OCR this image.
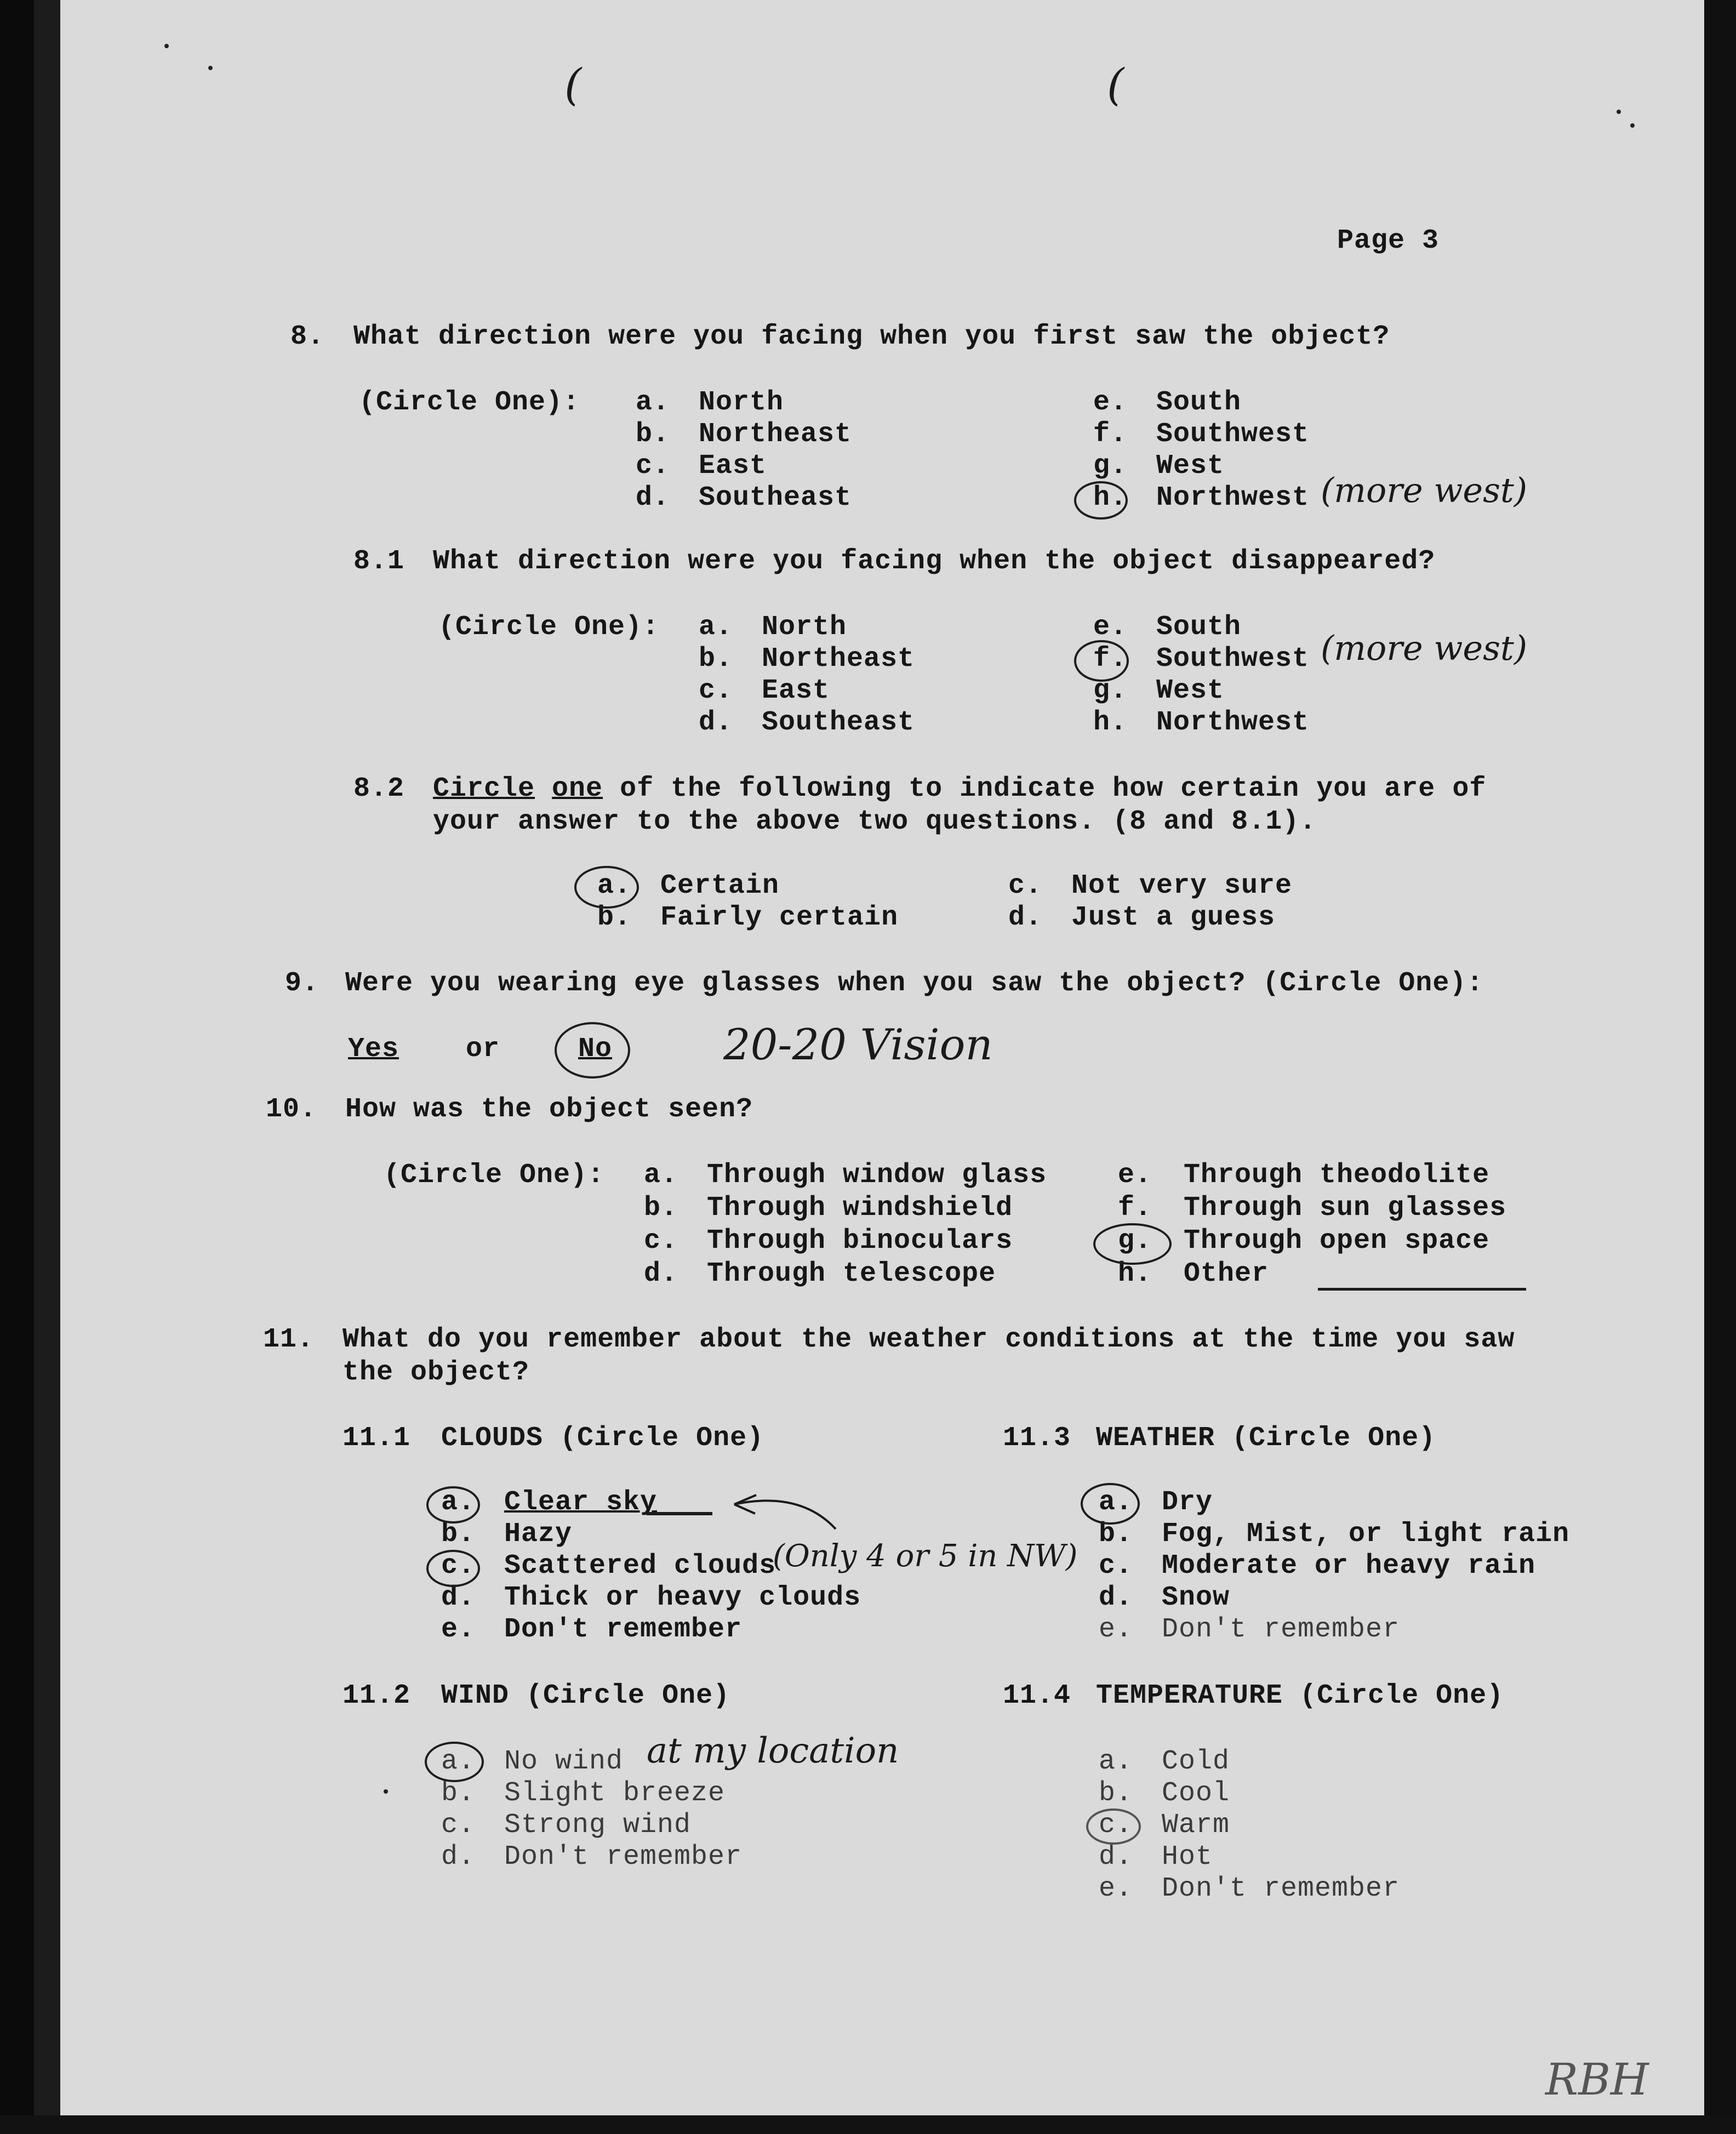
(	(
Page 3
8. What direction were you facing when you first saw the object?
(Circle One): a. North
b. Northeast
c. East
d. Southeast
e. South
f. Southwest
g. West
h. Northwest (more west)
8.1 What direction were you facing when the object disappeared?
(Circle One): a. North
b. Northeast
c. East
d. Southeast
e. South
f. Southwest
g. West
h. Northwest
(more west)
8.2 Circle one of the following to indicate how certain you are of
your answer to the above two questions. (8 and 8.1).
a. Certain
b. Fairly certain
c. Not very sure
d. Just a guess
9. Were you wearing eye glasses when you saw the object? (Circle One):
Yes or	No	20-20 Vision
10. How was the object seen?
(Circle One): a. Through window glass
b. Through windshield
c. Through binoculars
d. Through telescope
e. Through theodolite
f. Through sun glasses
g. Through open space
h. Other
11. What do you remember about the weather conditions at the time you saw
the object?
11.1 CLOUDS (Circle One)
a. Clear sky
b. Hazy
c. Scattered clouds
d. Thick or heavy clouds
e. Don't remember
(Only 4 or 5 in NW)
11.2 WIND (Circle One)
a. No wind
b. Slight breeze
c. Strong wind
d. Don't remember
at my location
11.3 WEATHER (Circle One)
a. Dry
b. Fog, Mist, or light rain
c. Moderate or heavy rain
d. Snow
e. Don't remember
11.4 TEMPERATURE (Circle One)
a. Cold
b. Cool
c. Warm
d. Hot
e. Don't remember
RBH
